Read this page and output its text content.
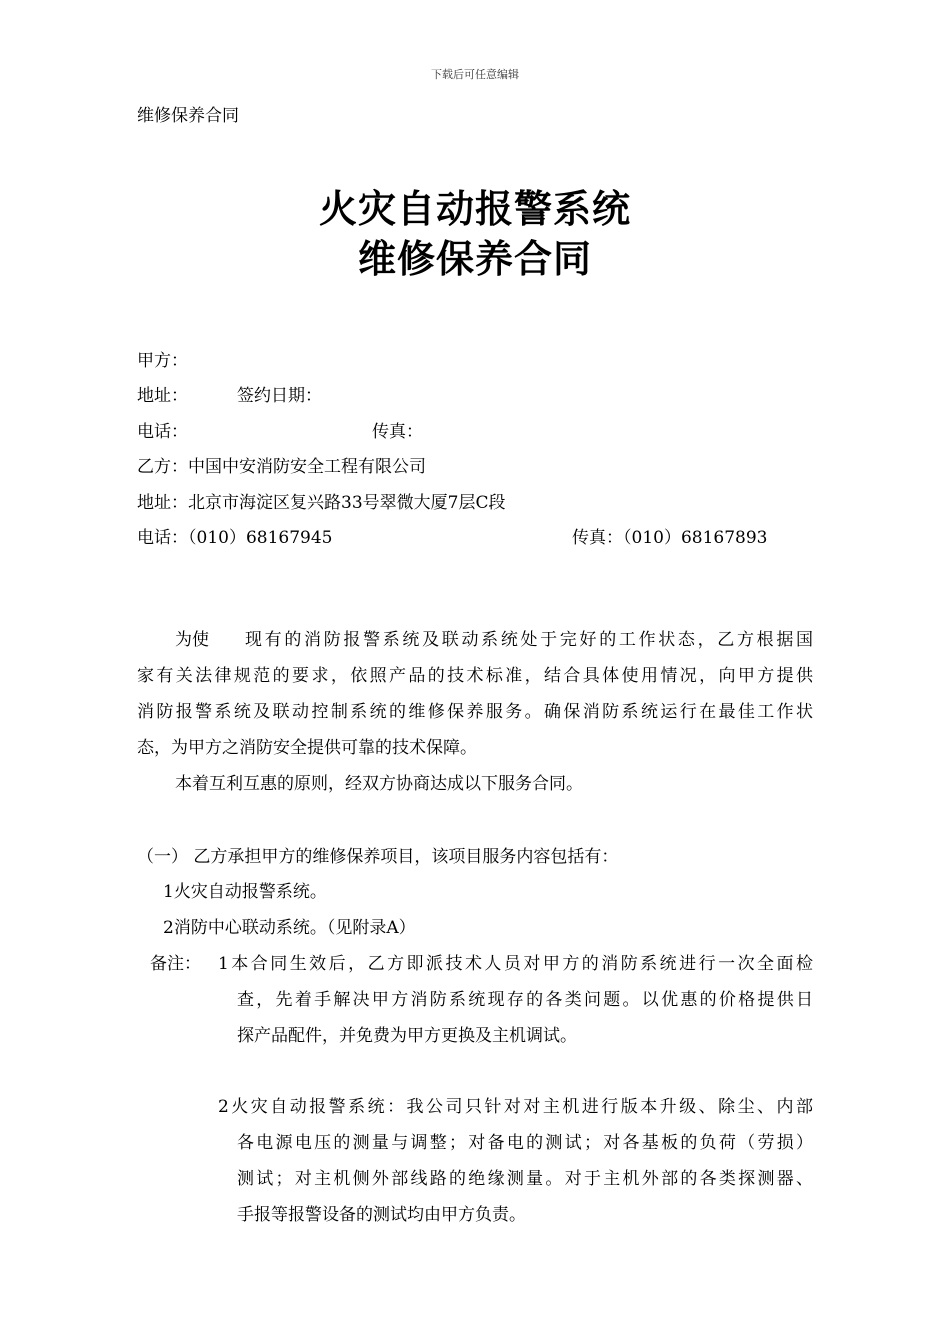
下载后可任意编辑
维修保养合同
火灾自动报警系统
维修保养合同
甲方：
地址：	签约日期：
电话：	传真：
乙方：中国中安消防安全工程有限公司
地址：北京市海淀区复兴路33号翠微大厦7层C段
电话：（010）68167945	传真：（010）68167893
为使 现有的消防报警系统及联动系统处于完好的工作状态，乙方根据国
家有关法律规范的要求，依照产品的技术标准，结合具体使用情况，向甲方提供
消防报警系统及联动控制系统的维修保养服务。确保消防系统运行在最佳工作状
态，为甲方之消防安全提供可靠的技术保障。
本着互利互惠的原则，经双方协商达成以下服务合同。
（一） 乙方承担甲方的维修保养项目，该项目服务内容包括有：
1火灾自动报警系统。
2消防中心联动系统。（见附录A）
备注： 1本合同生效后，乙方即派技术人员对甲方的消防系统进行一次全面检
查，先着手解决甲方消防系统现存的各类问题。以优惠的价格提供日
探产品配件，并免费为甲方更换及主机调试。
2火灾自动报警系统：我公司只针对对主机进行版本升级、除尘、内部
各电源电压的测量与调整；对备电的测试；对各基板的负荷（劳损）
测试；对主机侧外部线路的绝缘测量。对于主机外部的各类探测器、
手报等报警设备的测试均由甲方负责。
